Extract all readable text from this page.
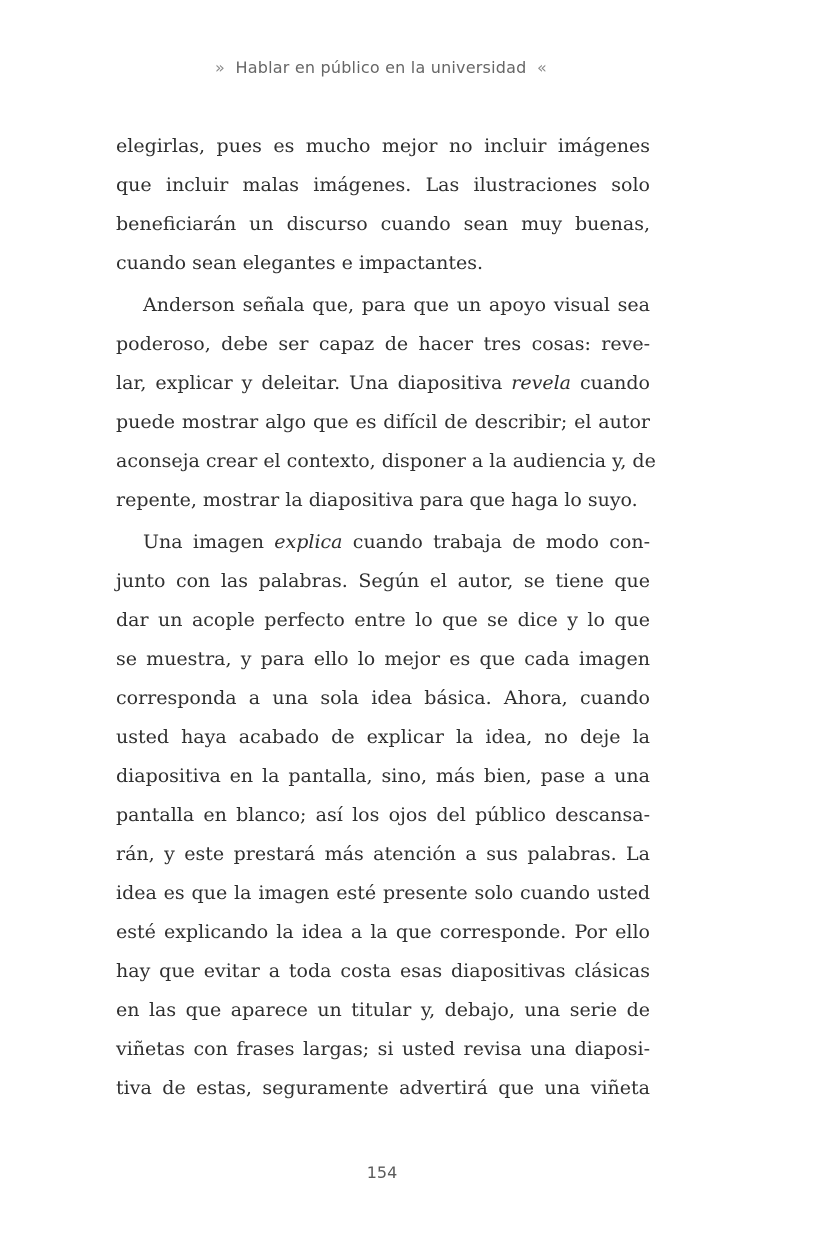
» Hablar en público en la universidad «
elegirlas, pues es mucho mejor no incluir imágenes
que incluir malas imágenes. Las ilustraciones solo
beneficiarán un discurso cuando sean muy buenas,
cuando sean elegantes e impactantes.
Anderson señala que, para que un apoyo visual sea
poderoso, debe ser capaz de hacer tres cosas: reve-
lar, explicar y deleitar. Una diapositiva revela cuando
puede mostrar algo que es difícil de describir; el autor
aconseja crear el contexto, disponer a la audiencia y, de
repente, mostrar la diapositiva para que haga lo suyo.
Una imagen explica cuando trabaja de modo con-
junto con las palabras. Según el autor, se tiene que
dar un acople perfecto entre lo que se dice y lo que
se muestra, y para ello lo mejor es que cada imagen
corresponda a una sola idea básica. Ahora, cuando
usted haya acabado de explicar la idea, no deje la
diapositiva en la pantalla, sino, más bien, pase a una
pantalla en blanco; así los ojos del público descansa-
rán, y este prestará más atención a sus palabras. La
idea es que la imagen esté presente solo cuando usted
esté explicando la idea a la que corresponde. Por ello
hay que evitar a toda costa esas diapositivas clásicas
en las que aparece un titular y, debajo, una serie de
viñetas con frases largas; si usted revisa una diaposi-
tiva de estas, seguramente advertirá que una viñeta
154
